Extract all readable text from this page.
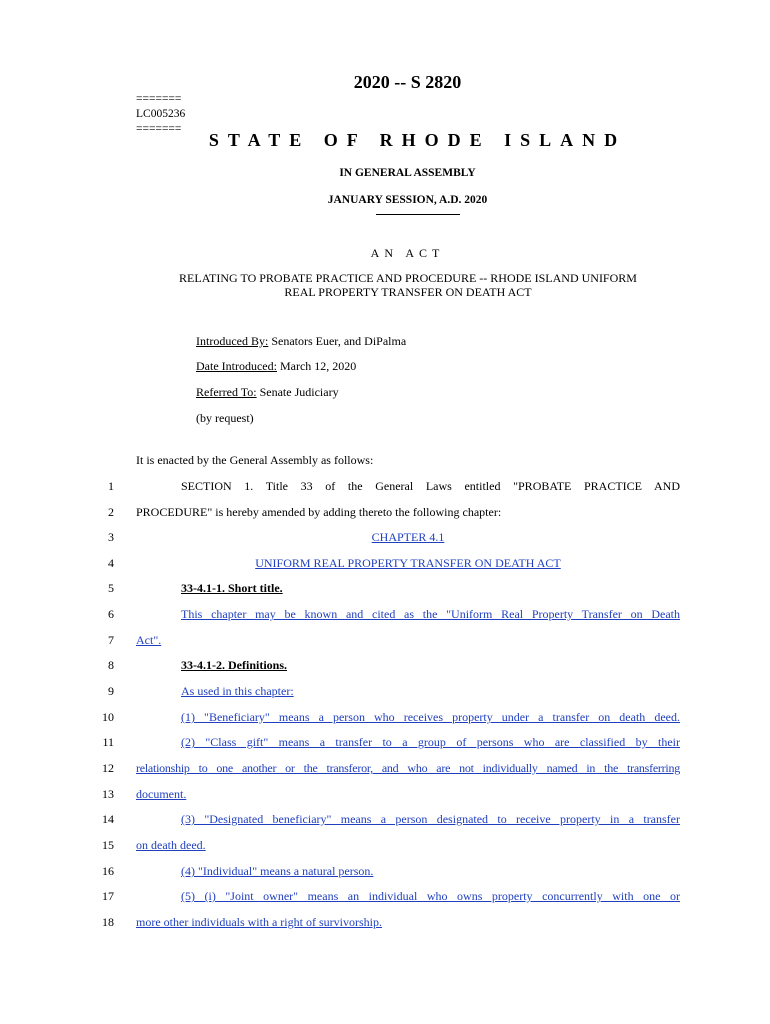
2020 -- S 2820
=======
LC005236
=======
STATE OF RHODE ISLAND
IN GENERAL ASSEMBLY
JANUARY SESSION, A.D. 2020
AN ACT
RELATING TO PROBATE PRACTICE AND PROCEDURE -- RHODE ISLAND UNIFORM
REAL PROPERTY TRANSFER ON DEATH ACT
Introduced By: Senators Euer, and DiPalma
Date Introduced: March 12, 2020
Referred To: Senate Judiciary
(by request)
It is enacted by the General Assembly as follows:
1	SECTION 1. Title 33 of the General Laws entitled "PROBATE PRACTICE AND
2 PROCEDURE" is hereby amended by adding thereto the following chapter:
3	CHAPTER 4.1
4	UNIFORM REAL PROPERTY TRANSFER ON DEATH ACT
5	33-4.1-1. Short title.
6	This chapter may be known and cited as the "Uniform Real Property Transfer on Death
7 Act".
8	33-4.1-2. Definitions.
9	As used in this chapter:
10	(1) "Beneficiary" means a person who receives property under a transfer on death deed.
11	(2) "Class gift" means a transfer to a group of persons who are classified by their
12 relationship to one another or the transferor, and who are not individually named in the transferring
13 document.
14	(3) "Designated beneficiary" means a person designated to receive property in a transfer
15 on death deed.
16	(4) "Individual" means a natural person.
17	(5) (i) "Joint owner" means an individual who owns property concurrently with one or
18 more other individuals with a right of survivorship.
